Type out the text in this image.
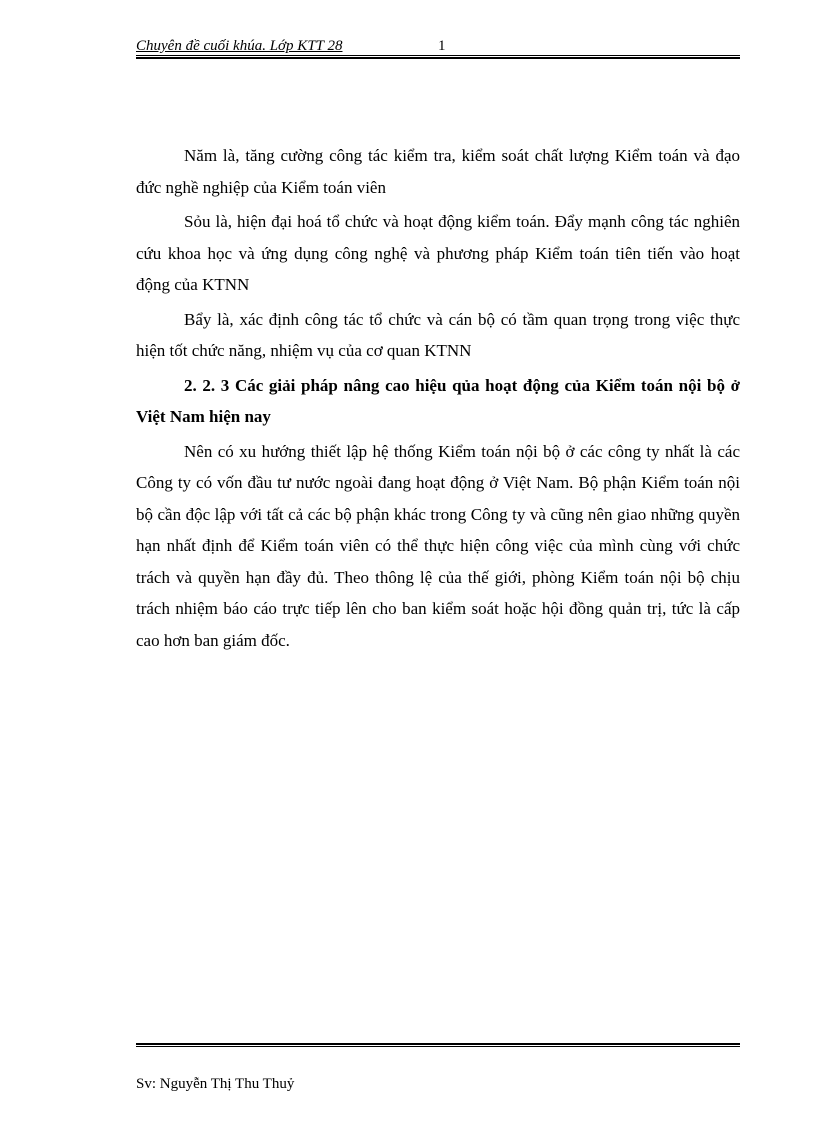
Chuyên đề cuối khúa. Lớp KTT 28	1

Năm là, tăng cường công tác kiểm tra, kiểm soát chất lượng Kiểm toán và đạo đức nghề nghiệp của Kiểm toán viên

Sỏu là, hiện đại hoá tổ chức và hoạt động kiểm toán. Đẩy mạnh công tác nghiên cứu khoa học và ứng dụng công nghệ và phương pháp Kiểm toán tiên tiến vào hoạt động của KTNN

Bẩy là, xác định công tác tổ chức và cán bộ có tầm quan trọng trong việc thực hiện tốt chức năng, nhiệm vụ của cơ quan KTNN

2. 2. 3 Các giải pháp nâng cao hiệu qủa hoạt động của Kiểm toán nội bộ ở Việt Nam hiện nay

Nên có xu hướng thiết lập hệ thống Kiểm toán nội bộ ở các công ty nhất là các Công ty có vốn đầu tư nước ngoài đang hoạt động ở Việt Nam. Bộ phận Kiểm toán nội bộ cần độc lập với tất cả các bộ phận khác trong Công ty và cũng nên giao những quyền hạn nhất định để Kiểm toán viên có thể thực hiện công việc của mình cùng với chức trách và quyền hạn đầy đủ. Theo thông lệ của thế giới, phòng Kiểm toán nội bộ chịu trách nhiệm báo cáo trực tiếp lên cho ban kiểm soát hoặc hội đồng quản trị, tức là cấp cao hơn ban giám đốc.

Sv: Nguyễn Thị Thu Thuỷ
